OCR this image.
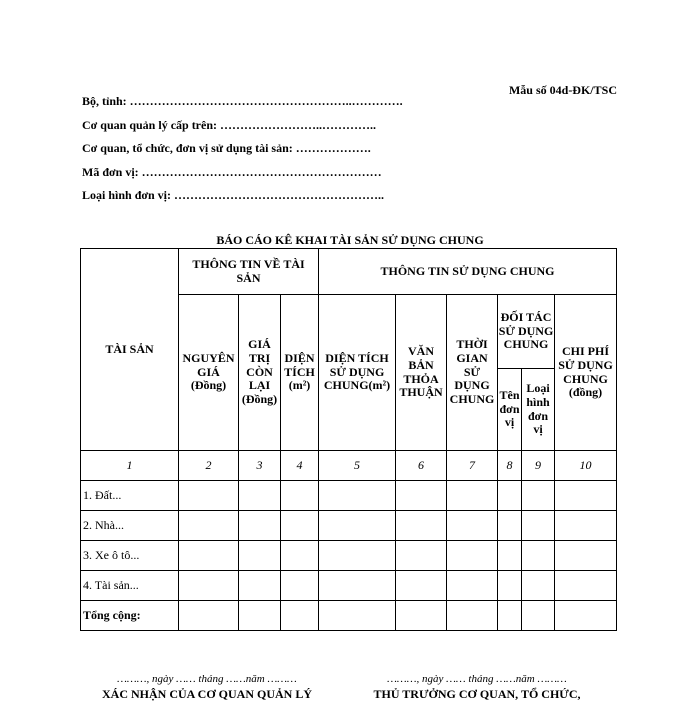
Mẫu số 04d-ĐK/TSC
Bộ, tỉnh: ………………………………………………..………….
Cơ quan quản lý cấp trên: ……………………..…………..
Cơ quan, tổ chức, đơn vị sử dụng tài sản: ……………….
Mã đơn vị: ……………………………………………………
Loại hình đơn vị: ……………………………………………..
BÁO CÁO KÊ KHAI TÀI SẢN SỬ DỤNG CHUNG
TÀI SẢN	THÔNG TIN VỀ TÀI SẢN			THÔNG TIN SỬ DỤNG CHUNG					
	NGUYÊN GIÁ (Đồng)	GIÁ TRỊ CÒN LẠI (Đồng)	DIỆN TÍCH (m²)	DIỆN TÍCH SỬ DỤNG CHUNG(m²)	VĂN BẢN THỎA THUẬN	THỜI GIAN SỬ DỤNG CHUNG	ĐỐI TÁC SỬ DỤNG CHUNG		CHI PHÍ SỬ DỤNG CHUNG (đồng)
							Tên đơn vị	Loại hình đơn vị	
1	2	3	4	5	6	7	8	9	10
1. Đất...									
2. Nhà...									
3. Xe ô tô...									
4. Tài sản...									
Tổng cộng:									
………, ngày …… tháng ……năm ………
XÁC NHẬN CỦA CƠ QUAN QUẢN LÝ
………, ngày …… tháng ……năm ………
THỦ TRƯỞNG CƠ QUAN, TỔ CHỨC,
